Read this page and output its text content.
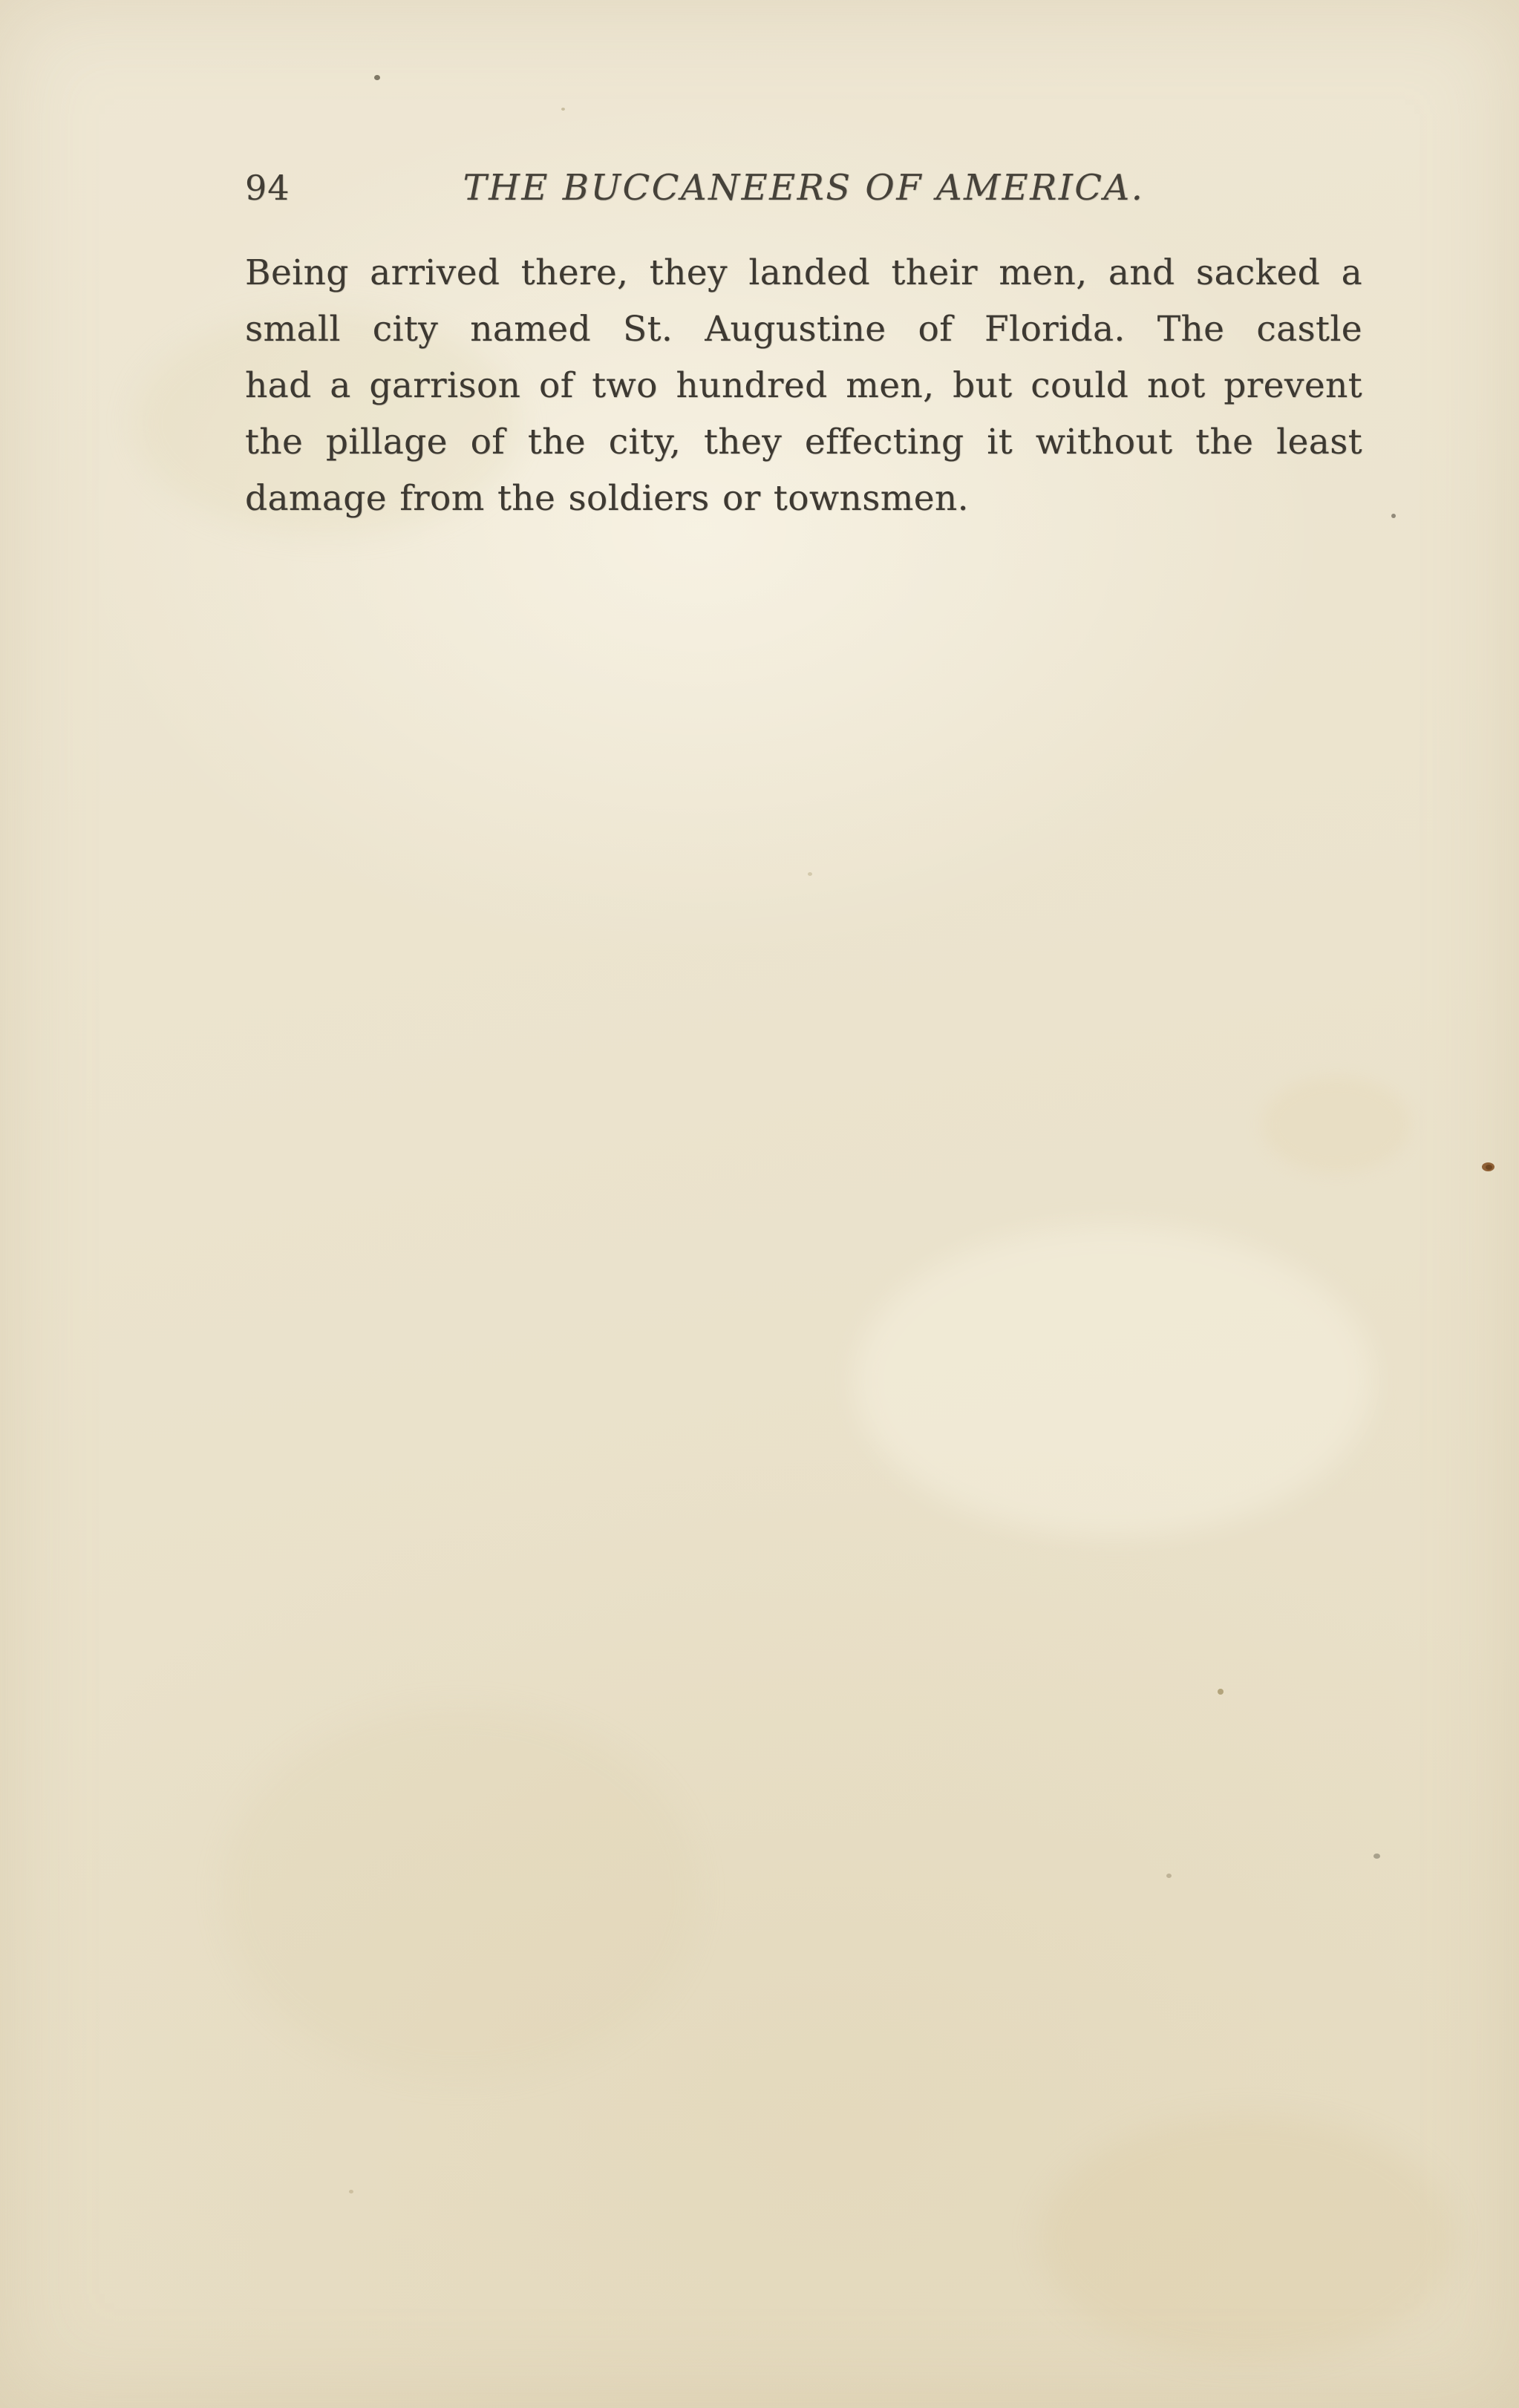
94	THE BUCCANEERS OF AMERICA.
Being arrived there, they landed their men, and sacked a
small city named St. Augustine of Florida. The castle
had a garrison of two hundred men, but could not prevent
the pillage of the city, they effecting it without the least
damage from the soldiers or townsmen.
